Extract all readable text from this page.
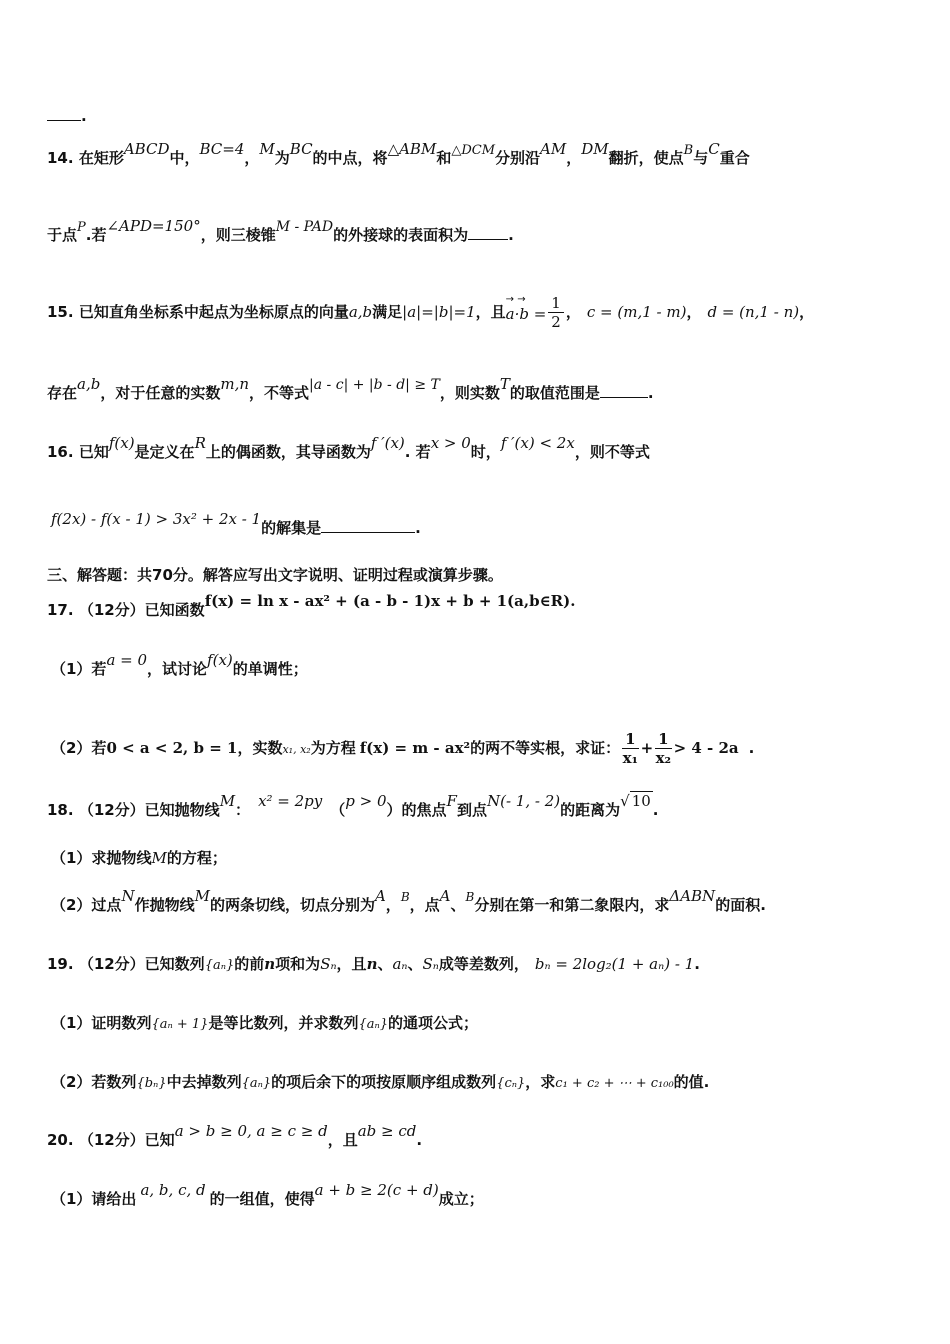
.
14. 在矩形ABCD中，BC=4，M为BC的中点，将△ABM和△DCM分别沿AM，DM翻折，使点B与C重合
于点P.若∠APD=150°，则三棱锥M - PAD的外接球的表面积为	.
15. 已知直角坐标系中起点为坐标原点的向量a,b满足|a|=|b|=1，且
→ →
$a\cdot b = \frac{1}{2}$ ， c = (m,1 - m)， d = (n,1 - n)，
存在a,b，对于任意的实数m,n，不等式|a - c| + |b - d| ≥ T，则实数T的取值范围是	.
16. 已知f(x)是定义在R上的偶函数，其导函数为f ′(x). 若x > 0时，f ′(x) < 2x，则不等式
f(2x) - f(x - 1) > 3x² + 2x - 1的解集是	.
三、解答题：共70分。解答应写出文字说明、证明过程或演算步骤。
17. （12分）已知函数f(x) = ln x - ax² + (a - b - 1)x + b + 1(a,b∈R).
（1）若a = 0，试讨论f(x)的单调性；
（2）若0 < a < 2, b = 1，实数x₁, x₂为方程 f(x) = m - ax²的两不等实根，求证： $\frac{1}{\text{x₁}} + \frac{1}{\text{x₂}} > 4 - 2a$ .
18. （12分）已知抛物线M： x² = 2py （p > 0）的焦点F到点N(- 1, - 2)的距离为√ 10 .
（1）求抛物线M的方程；
（2）过点N作抛物线M的两条切线，切点分别为A，$^B$，点A、$^B$分别在第一和第二象限内，求ΔABN的面积.
19. （12分）已知数列{aₙ}的前n项和为Sₙ，且n、aₙ、Sₙ成等差数列， bₙ = 2log₂(1 + aₙ) - 1.
（1）证明数列{aₙ + 1}是等比数列，并求数列{aₙ}的通项公式；
（2）若数列{bₙ}中去掉数列{aₙ}的项后余下的项按原顺序组成数列{cₙ}，求c₁ + c₂ + ⋯ + c₁₀₀的值.
20. （12分）已知a > b ≥ 0, a ≥ c ≥ d，且ab ≥ cd.
（1）请给出 a, b, c, d 的一组值，使得a + b ≥ 2(c + d)成立；
